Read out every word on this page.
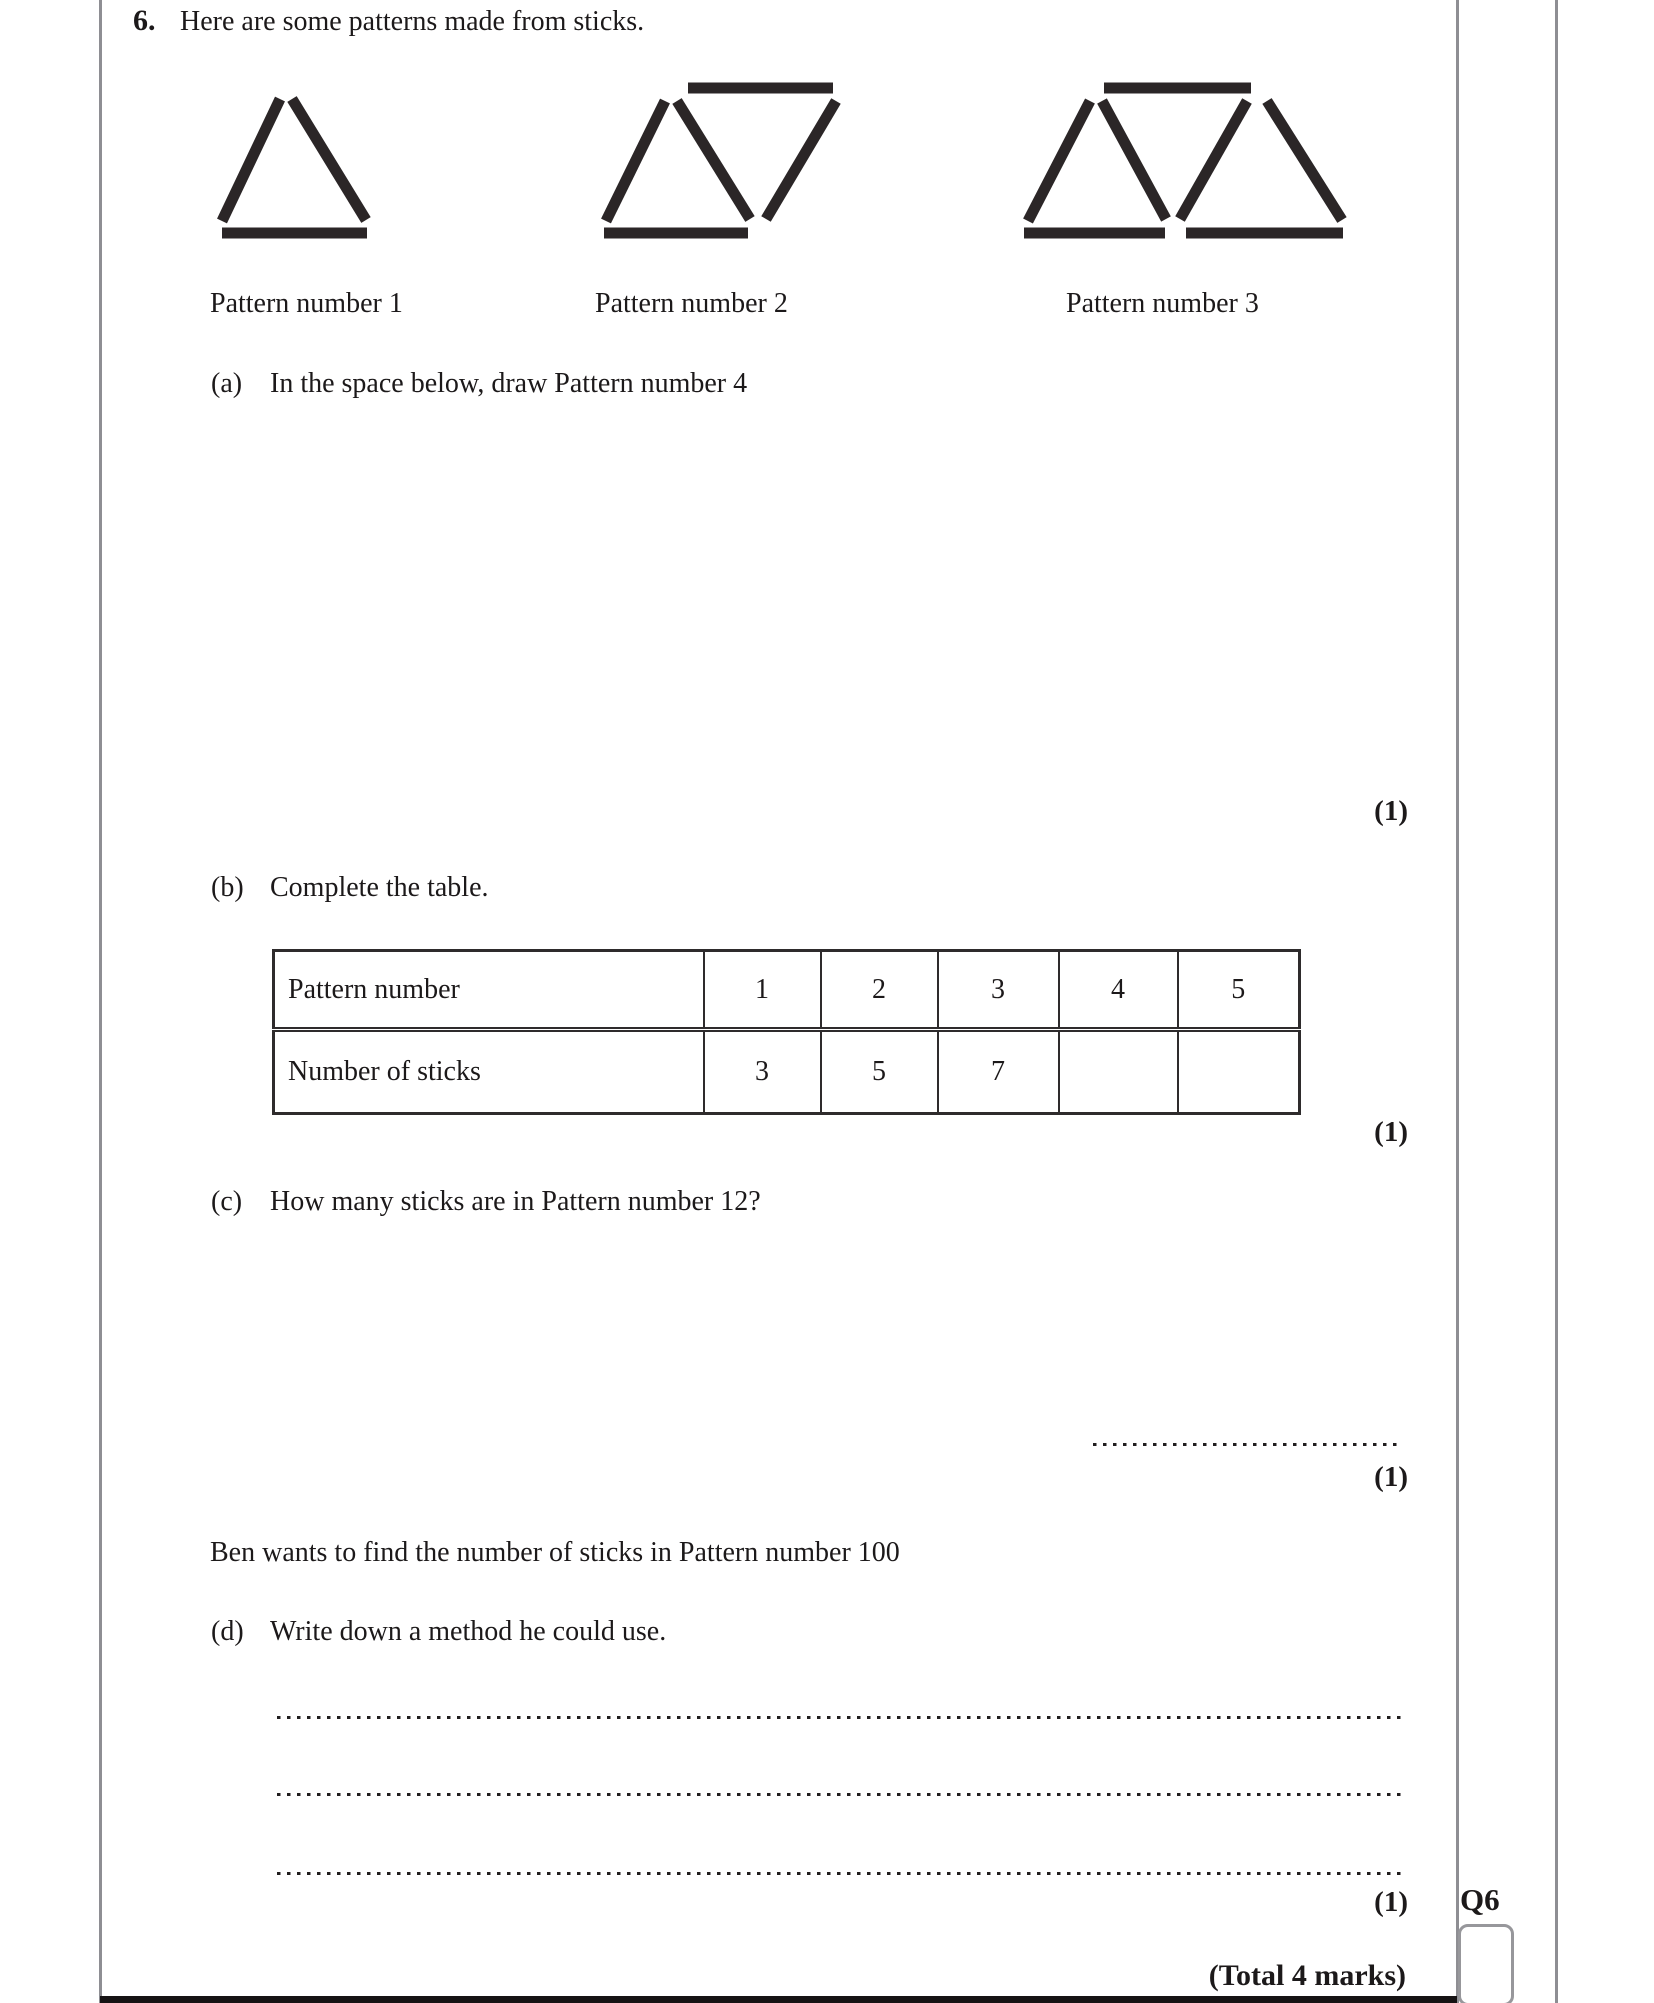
6. Here are some patterns made from sticks.
Pattern number 1	Pattern number 2	Pattern number 3
(a) In the space below, draw Pattern number 4
(1)
(b) Complete the table.
Pattern number	1	2	3	4	5
Number of sticks	3	5	7		
(1)
(c) How many sticks are in Pattern number 12?
(1)
Ben wants to find the number of sticks in Pattern number 100
(d) Write down a method he could use.
(1) Q6
(Total 4 marks)
